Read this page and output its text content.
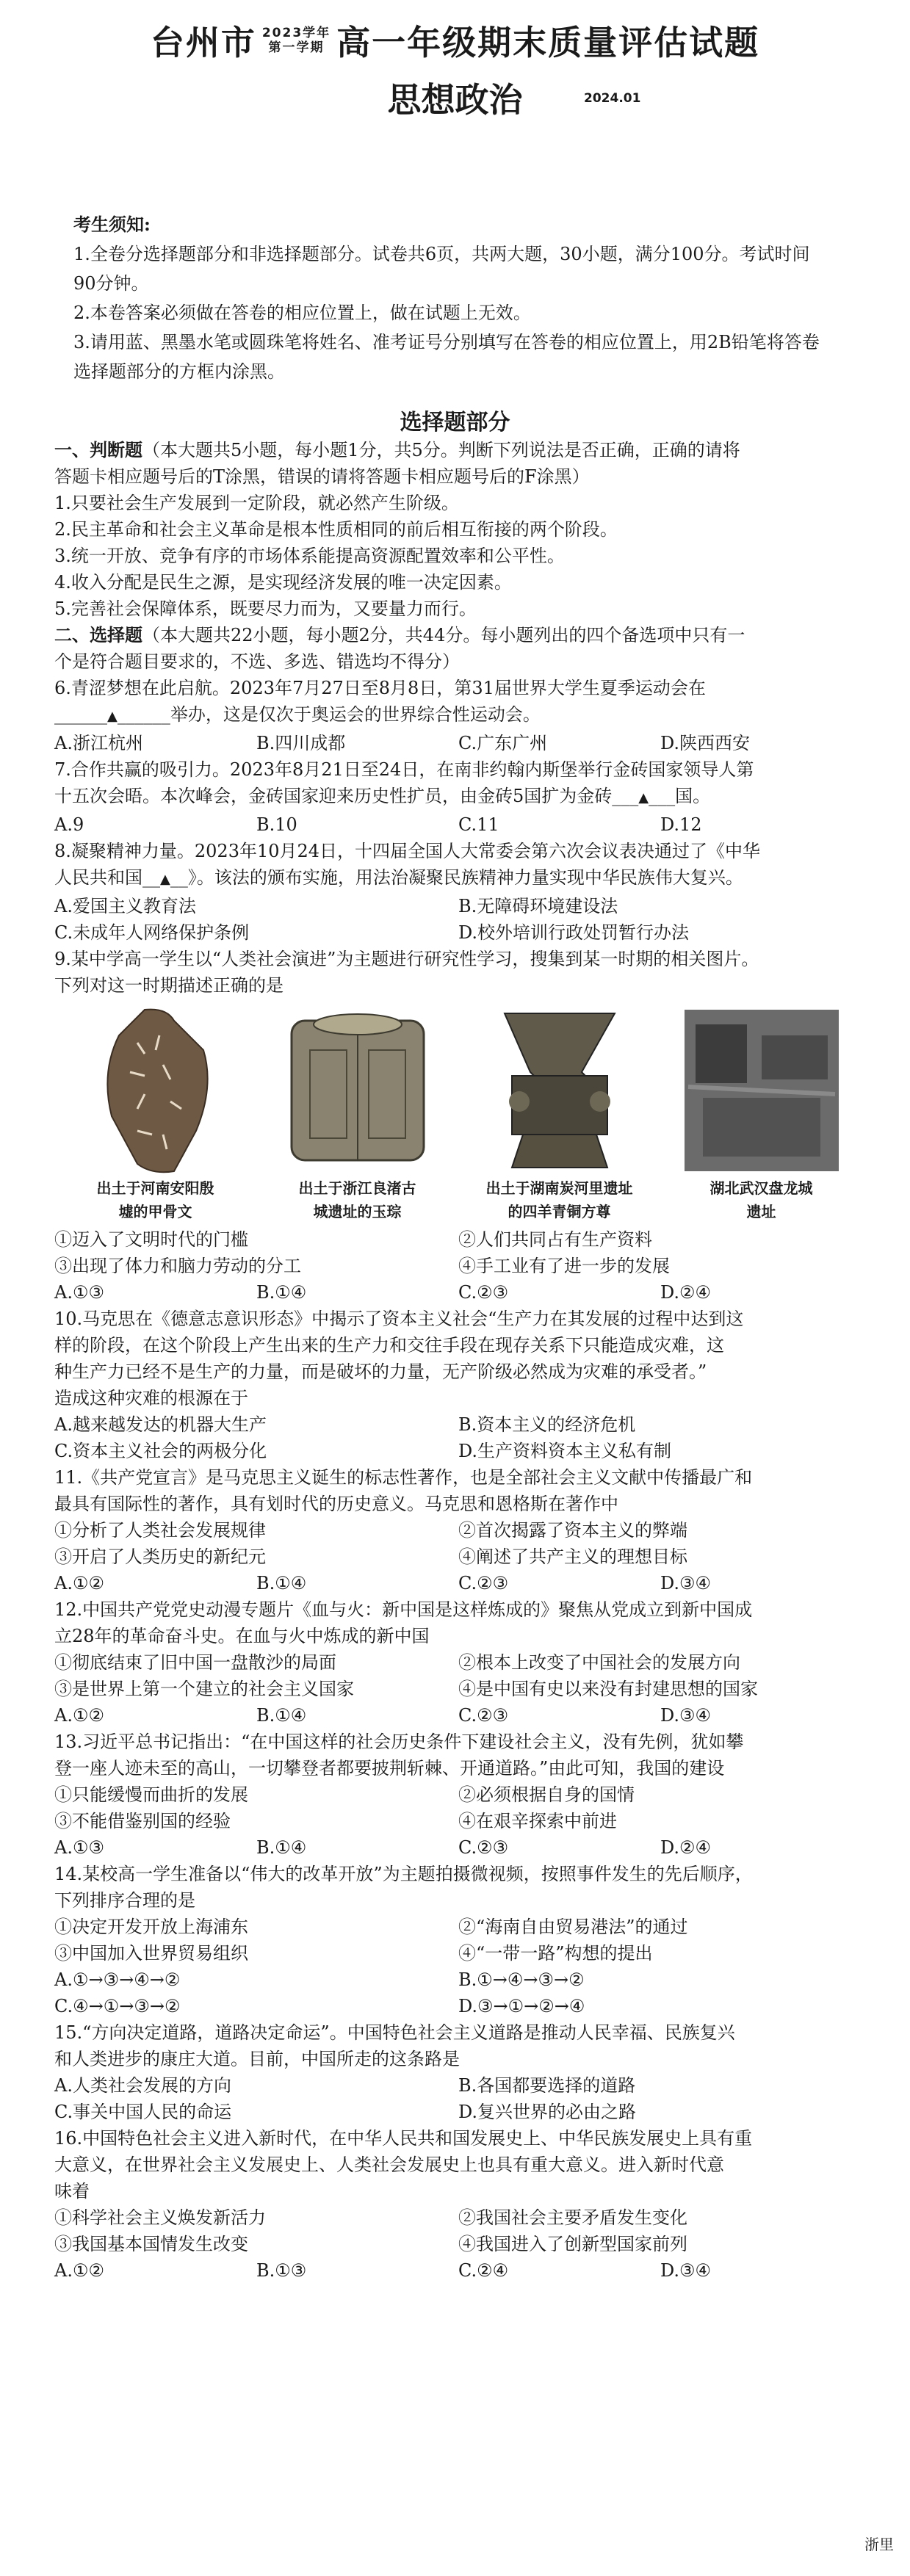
台州市 2023学年
第一学期 高一年级期末质量评估试题
思想政治	2024.01
考生须知:
1.全卷分选择题部分和非选择题部分。试卷共6页，共两大题，30小题，满分100分。考试时间
90分钟。
2.本卷答案必须做在答卷的相应位置上，做在试题上无效。
3.请用蓝、黑墨水笔或圆珠笔将姓名、准考证号分别填写在答卷的相应位置上，用2B铅笔将答卷
选择题部分的方框内涂黑。
选择题部分
一、判断题（本大题共5小题，每小题1分，共5分。判断下列说法是否正确，正确的请将
答题卡相应题号后的T涂黑，错误的请将答题卡相应题号后的F涂黑）
1.只要社会生产发展到一定阶段，就必然产生阶级。
2.民主革命和社会主义革命是根本性质相同的前后相互衔接的两个阶段。
3.统一开放、竞争有序的市场体系能提高资源配置效率和公平性。
4.收入分配是民生之源，是实现经济发展的唯一决定因素。
5.完善社会保障体系，既要尽力而为，又要量力而行。
二、选择题（本大题共22小题，每小题2分，共44分。每小题列出的四个备选项中只有一
个是符合题目要求的，不选、多选、错选均不得分）
6.青涩梦想在此启航。2023年7月27日至8月8日，第31届世界大学生夏季运动会在
______▲______举办，这是仅次于奥运会的世界综合性运动会。
A.浙江杭州	B.四川成都	C.广东广州	D.陕西西安
7.合作共赢的吸引力。2023年8月21日至24日，在南非约翰内斯堡举行金砖国家领导人第
十五次会晤。本次峰会，金砖国家迎来历史性扩员，由金砖5国扩为金砖___▲___国。
A.9	B.10	C.11	D.12
8.凝聚精神力量。2023年10月24日，十四届全国人大常委会第六次会议表决通过了《中华
人民共和国__▲__》。该法的颁布实施，用法治凝聚民族精神力量实现中华民族伟大复兴。
A.爱国主义教育法	B.无障碍环境建设法
C.未成年人网络保护条例	D.校外培训行政处罚暂行办法
9.某中学高一学生以“人类社会演进”为主题进行研究性学习，搜集到某一时期的相关图片。
下列对这一时期描述正确的是
出土于河南安阳殷
墟的甲骨文
出土于浙江良渚古
城遗址的玉琮
出土于湖南炭河里遗址
的四羊青铜方尊
湖北武汉盘龙城
遗址
①迈入了文明时代的门槛	②人们共同占有生产资料
③出现了体力和脑力劳动的分工	④手工业有了进一步的发展
A.①③	B.①④	C.②③	D.②④
10.马克思在《德意志意识形态》中揭示了资本主义社会“生产力在其发展的过程中达到这
样的阶段，在这个阶段上产生出来的生产力和交往手段在现存关系下只能造成灾难，这
种生产力已经不是生产的力量，而是破坏的力量，无产阶级必然成为灾难的承受者。”
造成这种灾难的根源在于
A.越来越发达的机器大生产	B.资本主义的经济危机
C.资本主义社会的两极分化	D.生产资料资本主义私有制
11.《共产党宣言》是马克思主义诞生的标志性著作，也是全部社会主义文献中传播最广和
最具有国际性的著作，具有划时代的历史意义。马克思和恩格斯在著作中
①分析了人类社会发展规律	②首次揭露了资本主义的弊端
③开启了人类历史的新纪元	④阐述了共产主义的理想目标
A.①②	B.①④	C.②③	D.③④
12.中国共产党党史动漫专题片《血与火：新中国是这样炼成的》聚焦从党成立到新中国成
立28年的革命奋斗史。在血与火中炼成的新中国
①彻底结束了旧中国一盘散沙的局面	②根本上改变了中国社会的发展方向
③是世界上第一个建立的社会主义国家	④是中国有史以来没有封建思想的国家
A.①②	B.①④	C.②③	D.③④
13.习近平总书记指出：“在中国这样的社会历史条件下建设社会主义，没有先例，犹如攀
登一座人迹未至的高山，一切攀登者都要披荆斩棘、开通道路。”由此可知，我国的建设
①只能缓慢而曲折的发展	②必须根据自身的国情
③不能借鉴别国的经验	④在艰辛探索中前进
A.①③	B.①④	C.②③	D.②④
14.某校高一学生准备以“伟大的改革开放”为主题拍摄微视频，按照事件发生的先后顺序，
下列排序合理的是
①决定开发开放上海浦东	②“海南自由贸易港法”的通过
③中国加入世界贸易组织	④“一带一路”构想的提出
A.①→③→④→②	B.①→④→③→②
C.④→①→③→②	D.③→①→②→④
15.“方向决定道路，道路决定命运”。中国特色社会主义道路是推动人民幸福、民族复兴
和人类进步的康庄大道。目前，中国所走的这条路是
A.人类社会发展的方向	B.各国都要选择的道路
C.事关中国人民的命运	D.复兴世界的必由之路
16.中国特色社会主义进入新时代，在中华人民共和国发展史上、中华民族发展史上具有重
大意义，在世界社会主义发展史上、人类社会发展史上也具有重大意义。进入新时代意
味着
①科学社会主义焕发新活力	②我国社会主要矛盾发生变化
③我国基本国情发生改变	④我国进入了创新型国家前列
A.①②	B.①③	C.②④	D.③④
浙里
